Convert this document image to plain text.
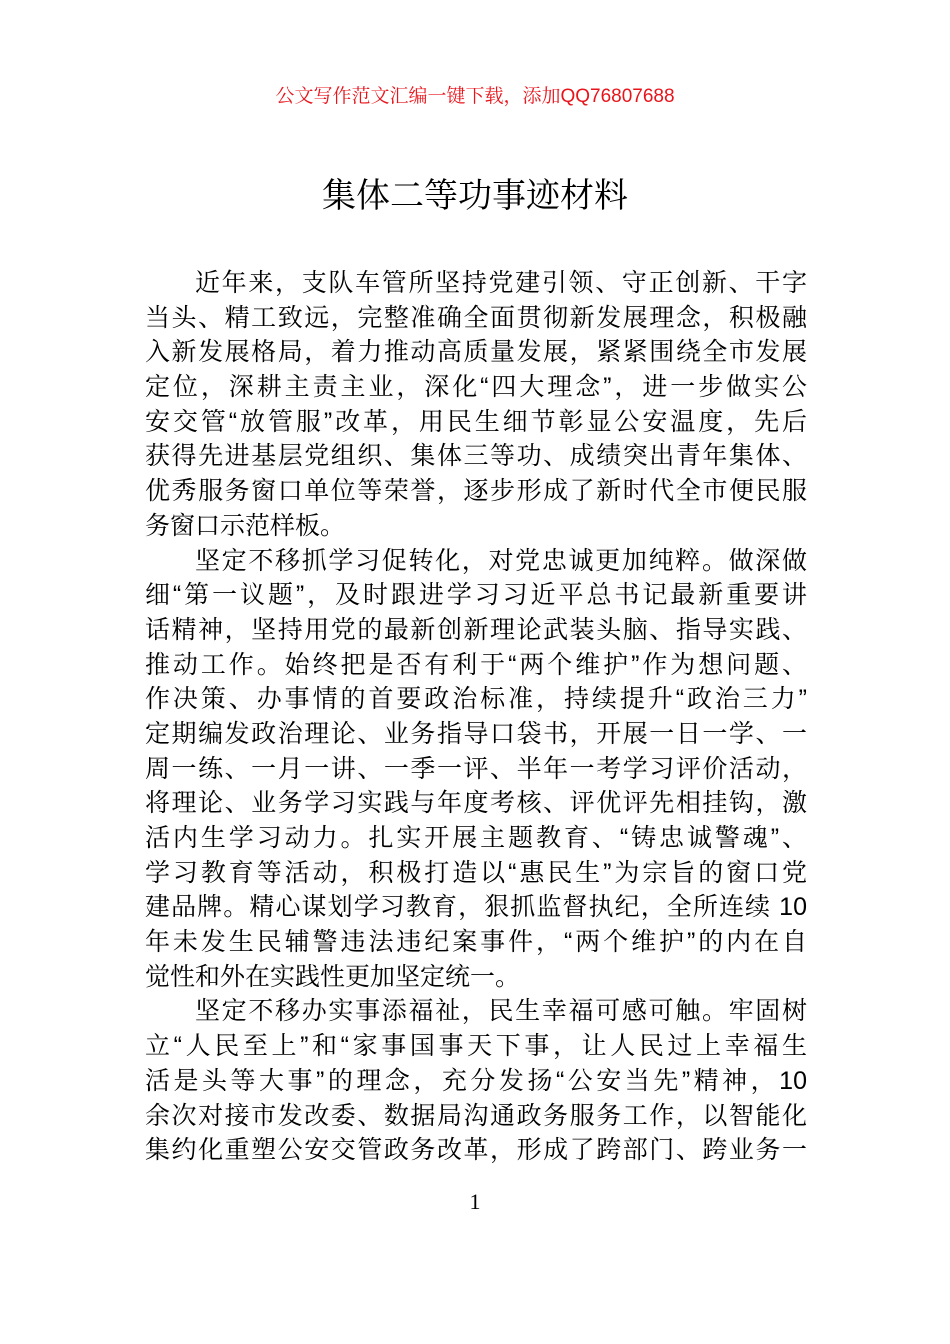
公文写作范文汇编一键下载，添加QQ76807688
集体二等功事迹材料
近年来，支队车管所坚持党建引领、守正创新、干字
当头、精工致远，完整准确全面贯彻新发展理念，积极融
入新发展格局，着力推动高质量发展，紧紧围绕全市发展
定位，深耕主责主业，深化“四大理念”，进一步做实公
安交管“放管服”改革，用民生细节彰显公安温度，先后
获得先进基层党组织、集体三等功、成绩突出青年集体、
优秀服务窗口单位等荣誉，逐步形成了新时代全市便民服
务窗口示范样板。
坚定不移抓学习促转化，对党忠诚更加纯粹。做深做
细“第一议题”，及时跟进学习习近平总书记最新重要讲
话精神，坚持用党的最新创新理论武装头脑、指导实践、
推动工作。始终把是否有利于“两个维护”作为想问题、
作决策、办事情的首要政治标准，持续提升“政治三力”
定期编发政治理论、业务指导口袋书，开展一日一学、一
周一练、一月一讲、一季一评、半年一考学习评价活动，
将理论、业务学习实践与年度考核、评优评先相挂钩，激
活内生学习动力。扎实开展主题教育、“铸忠诚警魂”、
学习教育等活动，积极打造以“惠民生”为宗旨的窗口党
建品牌。精心谋划学习教育，狠抓监督执纪，全所连续 10
年未发生民辅警违法违纪案事件，“两个维护”的内在自
觉性和外在实践性更加坚定统一。
坚定不移办实事添福祉，民生幸福可感可触。牢固树
立“人民至上”和“家事国事天下事，让人民过上幸福生
活是头等大事”的理念，充分发扬“公安当先”精神，10
余次对接市发改委、数据局沟通政务服务工作，以智能化
集约化重塑公安交管政务改革，形成了跨部门、跨业务一
1
